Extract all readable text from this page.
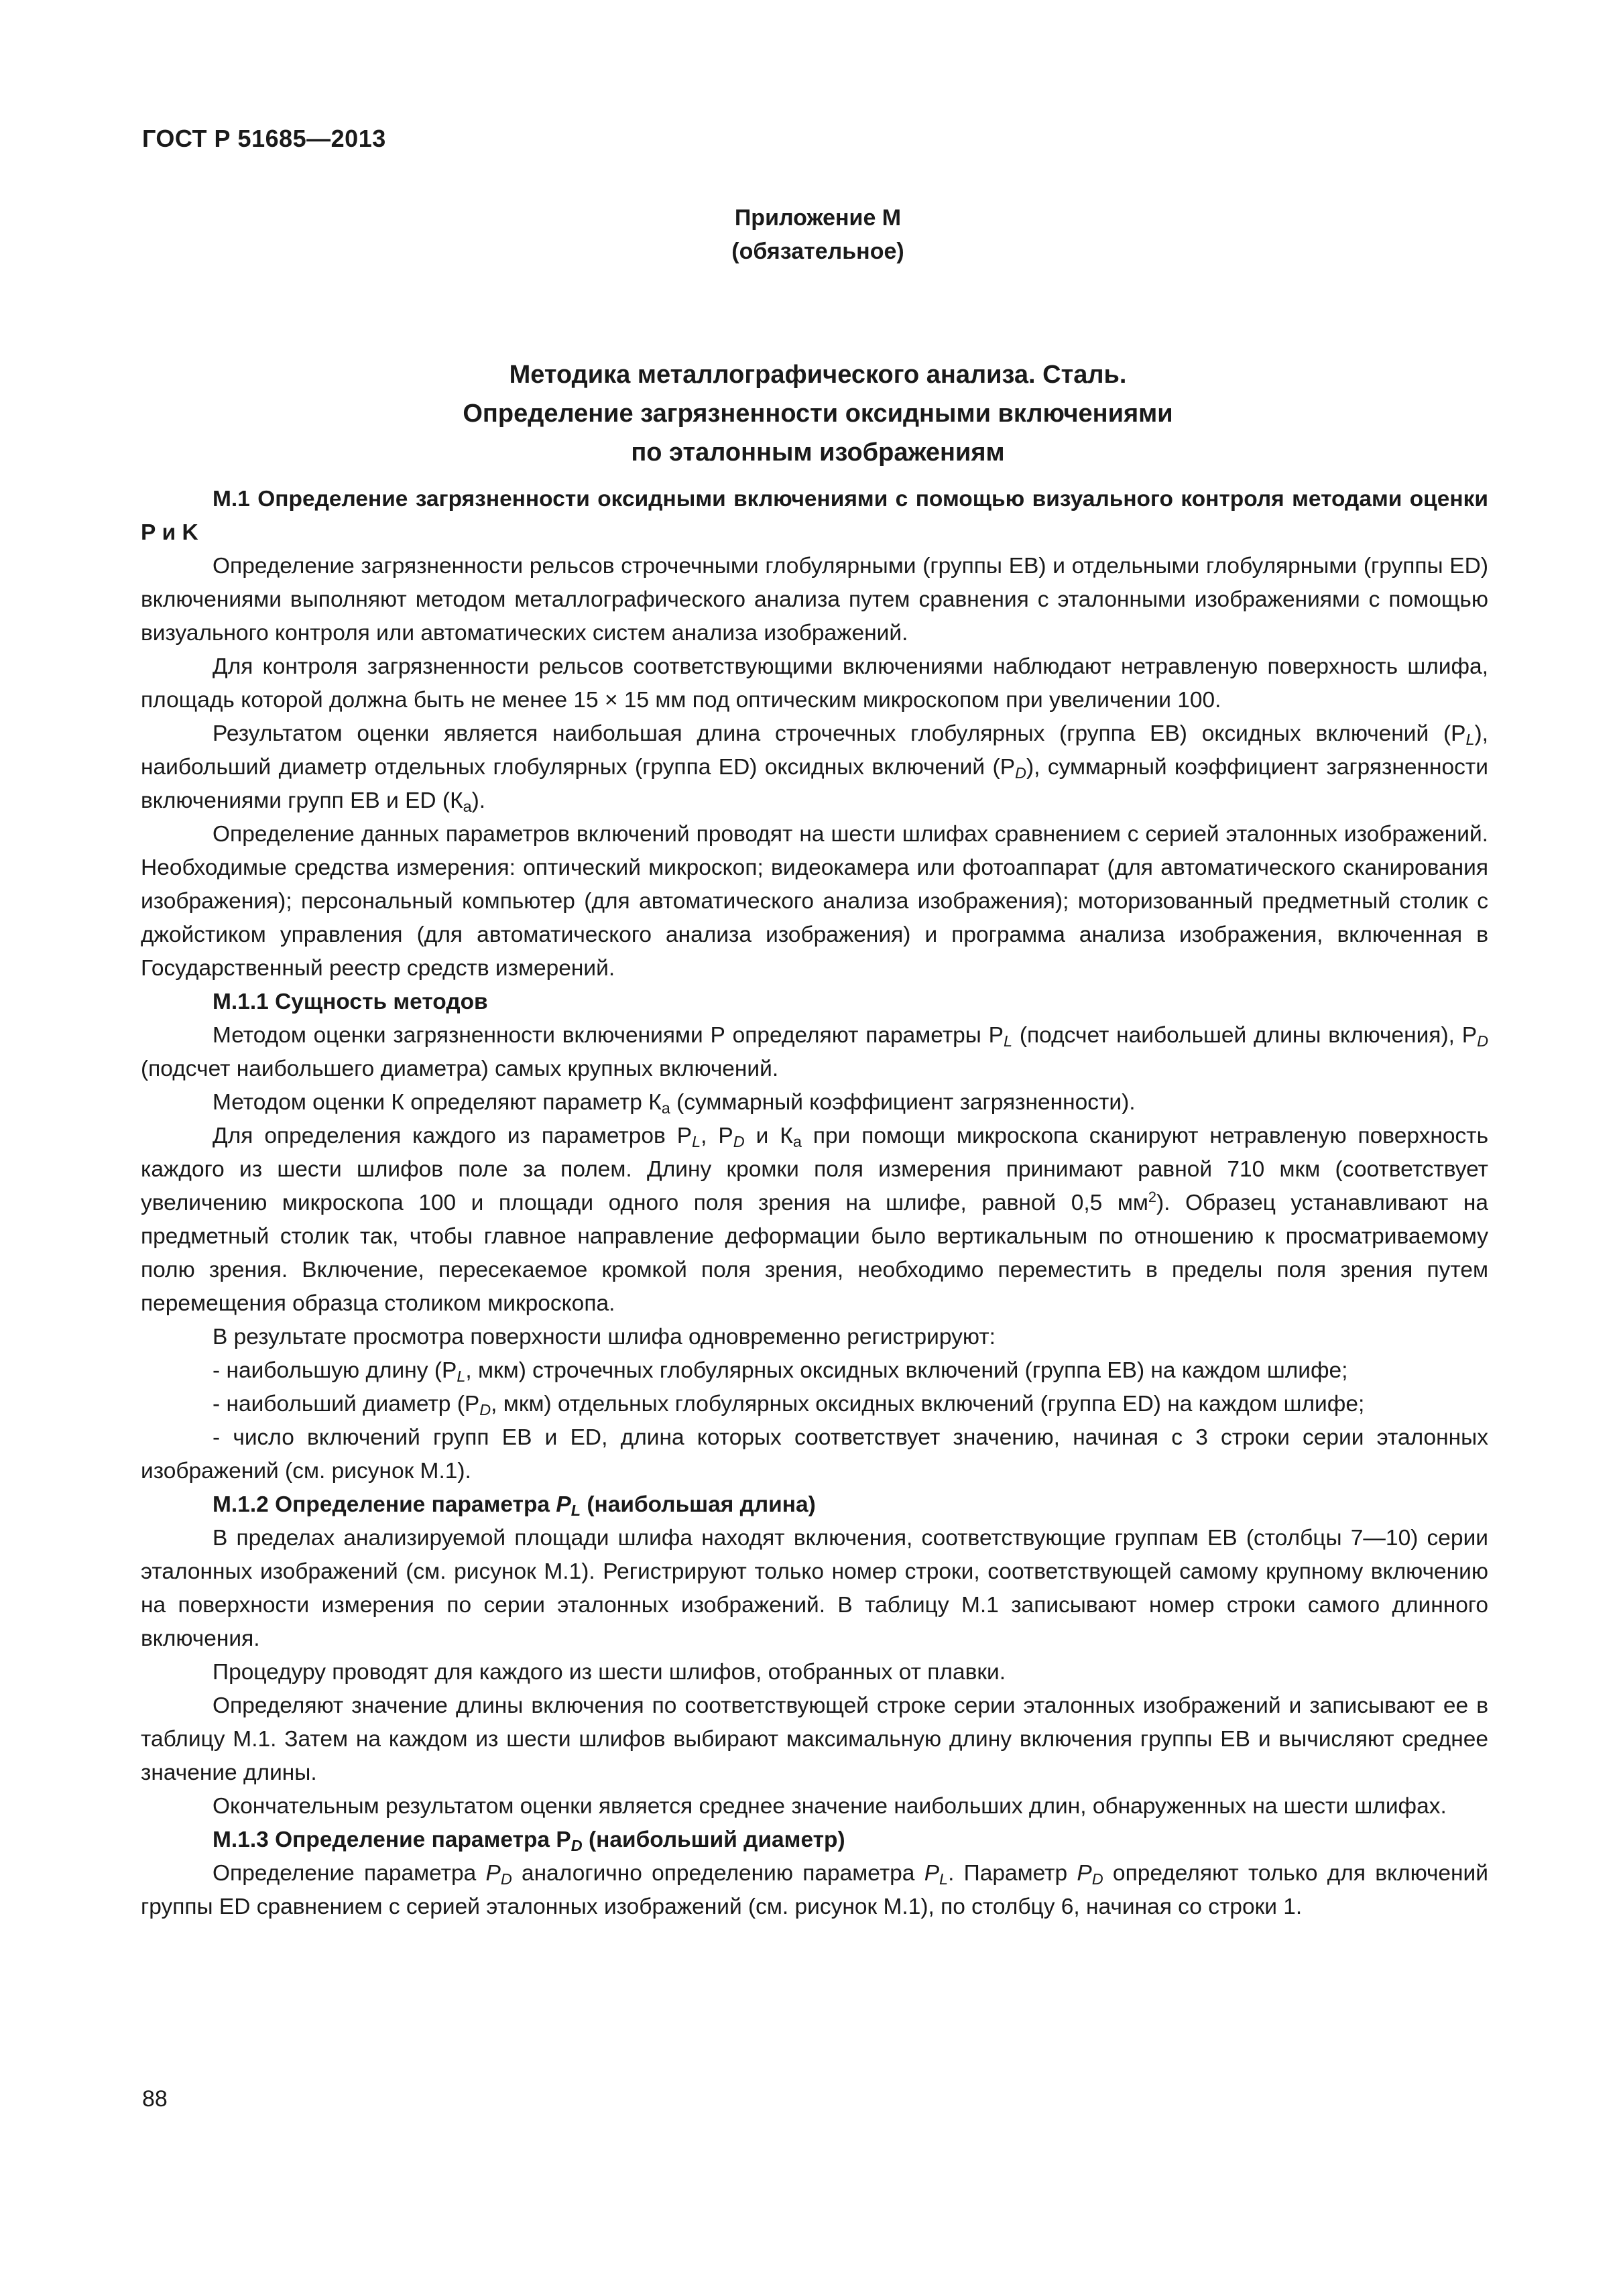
ГОСТ Р 51685—2013
Приложение М
(обязательное)
Методика металлографического анализа. Сталь.
Определение загрязненности оксидными включениями
по эталонным изображениям

М.1 Определение загрязненности оксидными включениями с помощью визуального контроля методами оценки Р и K

Определение загрязненности рельсов строчечными глобулярными (группы ЕВ) и отдельными глобулярными (группы ED) включениями выполняют методом металлографического анализа путем сравнения с эталонными изображениями с помощью визуального контроля или автоматических систем анализа изображений.

Для контроля загрязненности рельсов соответствующими включениями наблюдают нетравленую поверхность шлифа, площадь которой должна быть не менее 15 × 15 мм под оптическим микроскопом при увеличении 100.

Результатом оценки является наибольшая длина строчечных глобулярных (группа ЕВ) оксидных включений $(Р_L)$, наибольший диаметр отдельных глобулярных (группа ED) оксидных включений $(Р_D)$, суммарный коэффициент загрязненности включениями групп ЕВ и ED $(К_а)$.

Определение данных параметров включений проводят на шести шлифах сравнением с серией эталонных изображений. Необходимые средства измерения: оптический микроскоп; видеокамера или фотоаппарат (для автоматического сканирования изображения); персональный компьютер (для автоматического анализа изображения); моторизованный предметный столик с джойстиком управления (для автоматического анализа изображения) и программа анализа изображения, включенная в Государственный реестр средств измерений.

М.1.1 Сущность методов

Методом оценки загрязненности включениями Р определяют параметры $Р_L$ (подсчет наибольшей длины включения), $Р_D$ (подсчет наибольшего диаметра) самых крупных включений.

Методом оценки К определяют параметр $К_а$ (суммарный коэффициент загрязненности).

Для определения каждого из параметров $Р_L$, $Р_D$ и $К_а$ при помощи микроскопа сканируют нетравленую поверхность каждого из шести шлифов поле за полем. Длину кромки поля измерения принимают равной 710 мкм (соответствует увеличению микроскопа 100 и площади одного поля зрения на шлифе, равной 0,5 $мм^2$). Образец устанавливают на предметный столик так, чтобы главное направление деформации было вертикальным по отношению к просматриваемому полю зрения. Включение, пересекаемое кромкой поля зрения, необходимо переместить в пределы поля зрения путем перемещения образца столиком микроскопа.

В результате просмотра поверхности шлифа одновременно регистрируют:

- наибольшую длину ($Р_L$, мкм) строчечных глобулярных оксидных включений (группа ЕВ) на каждом шлифе;

- наибольший диаметр ($Р_D$, мкм) отдельных глобулярных оксидных включений (группа ED) на каждом шлифе;

- число включений групп ЕВ и ED, длина которых соответствует значению, начиная с 3 строки серии эталонных изображений (см. рисунок М.1).

М.1.2 Определение параметра $P_L$ (наибольшая длина)

В пределах анализируемой площади шлифа находят включения, соответствующие группам ЕВ (столбцы 7—10) серии эталонных изображений (см. рисунок М.1). Регистрируют только номер строки, соответствующей самому крупному включению на поверхности измерения по серии эталонных изображений. В таблицу М.1 записывают номер строки самого длинного включения.

Процедуру проводят для каждого из шести шлифов, отобранных от плавки.

Определяют значение длины включения по соответствующей строке серии эталонных изображений и записывают ее в таблицу М.1. Затем на каждом из шести шлифов выбирают максимальную длину включения группы ЕВ и вычисляют среднее значение длины.

Окончательным результатом оценки является среднее значение наибольших длин, обнаруженных на шести шлифах.

М.1.3 Определение параметра $Р_D$ (наибольший диаметр)

Определение параметра $P_D$ аналогично определению параметра $P_L$. Параметр $P_D$ определяют только для включений группы ED сравнением с серией эталонных изображений (см. рисунок М.1), по столбцу 6, начиная со строки 1.

88
